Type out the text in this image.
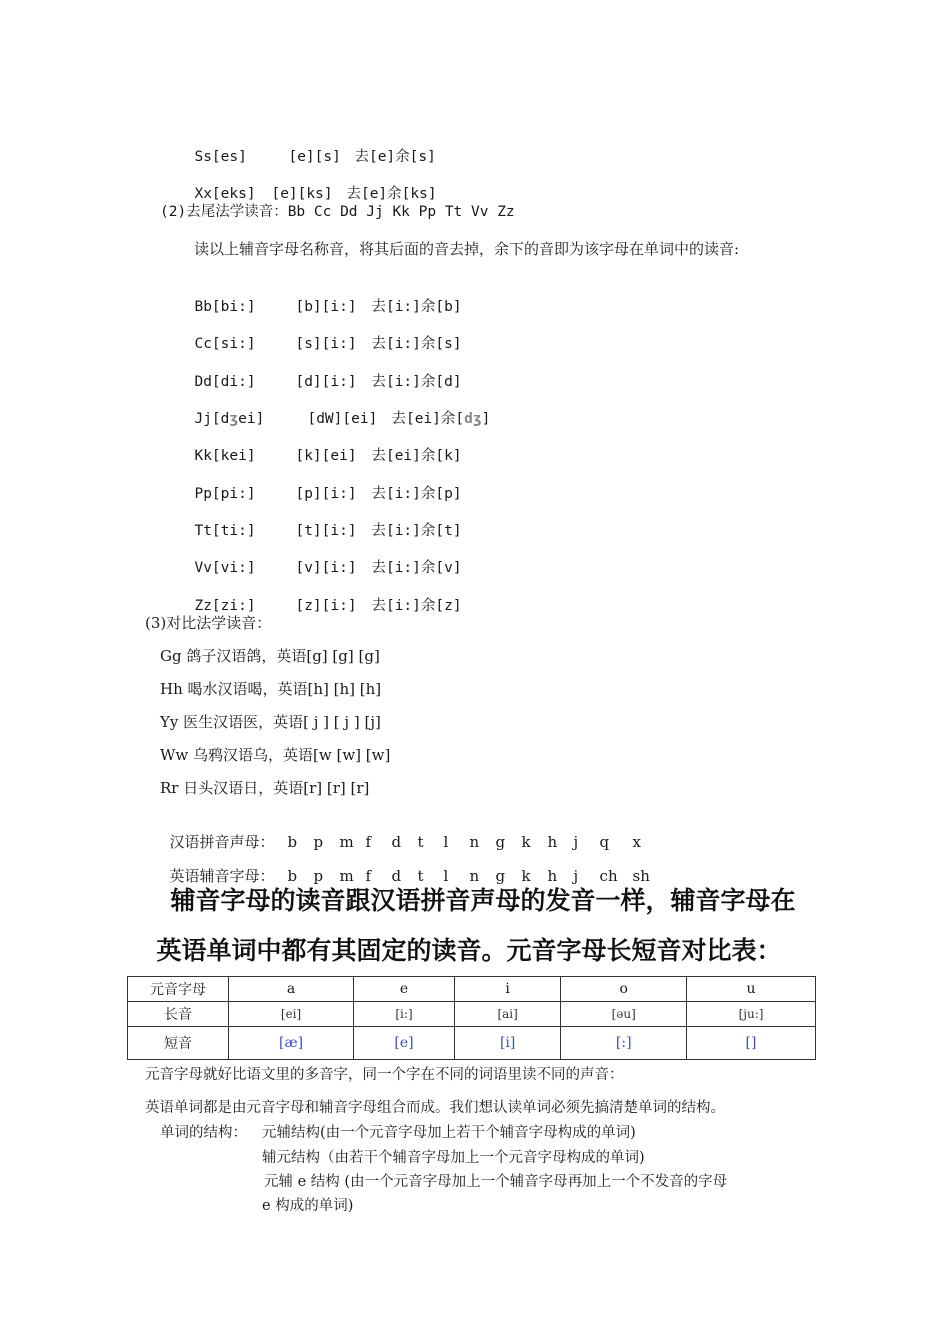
Ss[es]	[e][s] 去[e]余[s]

Xx[eks] [e][ks] 去[e]余[ks]

(2)去尾法学读音：Bb Cc Dd Jj Kk Pp Tt Vv Zz
读以上辅音字母名称音，将其后面的音去掉，余下的音即为该字母在单词中的读音:

Bb[bi:]	[b][i:] 去[i:]余[b]

Cc[si:]	[s][i:] 去[i:]余[s]

Dd[di:]	[d][i:] 去[i:]余[d]

Jj[dʒei]	[dW][ei] 去[ei]余[dʒ]

Kk[kei]	[k][ei] 去[ei]余[k]

Pp[pi:]	[p][i:] 去[i:]余[p]

Tt[ti:]	[t][i:] 去[i:]余[t]

Vv[vi:]	[v][i:] 去[i:]余[v]

Zz[zi:]	[z][i:] 去[i:]余[z]

(3)对比法学读音：
Gg 鸽子汉语鸽，英语[g] [g] [g]
Hh 喝水汉语喝，英语[h] [h] [h]
Yy 医生汉语医，英语[ j ] [ j ] [j]
Ww 乌鸦汉语乌，英语[w [w] [w]
Rr 日头汉语日，英语[r] [r] [r]

汉语拼音声母： b p m f d t l n g k h j q x

英语辅音字母： b p m f d t l n g k h j ch sh

辅音字母的读音跟汉语拼音声母的发音一样，辅音字母在
英语单词中都有其固定的读音。元音字母长短音对比表：
元音字母	a	e	i	o	u
长音	[ei]	[i:]	[ai]	[əu]	[ju:]
短音	[æ]	[e]	[i]	[:]	[]
元音字母就好比语文里的多音字，同一个字在不同的词语里读不同的声音：
英语单词都是由元音字母和辅音字母组合而成。我们想认读单词必须先搞清楚单词的结构。
单词的结构： 元辅结构(由一个元音字母加上若干个辅音字母构成的单词)
辅元结构（由若干个辅音字母加上一个元音字母构成的单词)
元辅 e 结构 (由一个元音字母加上一个辅音字母再加上一个不发音的字母
e 构成的单词)
